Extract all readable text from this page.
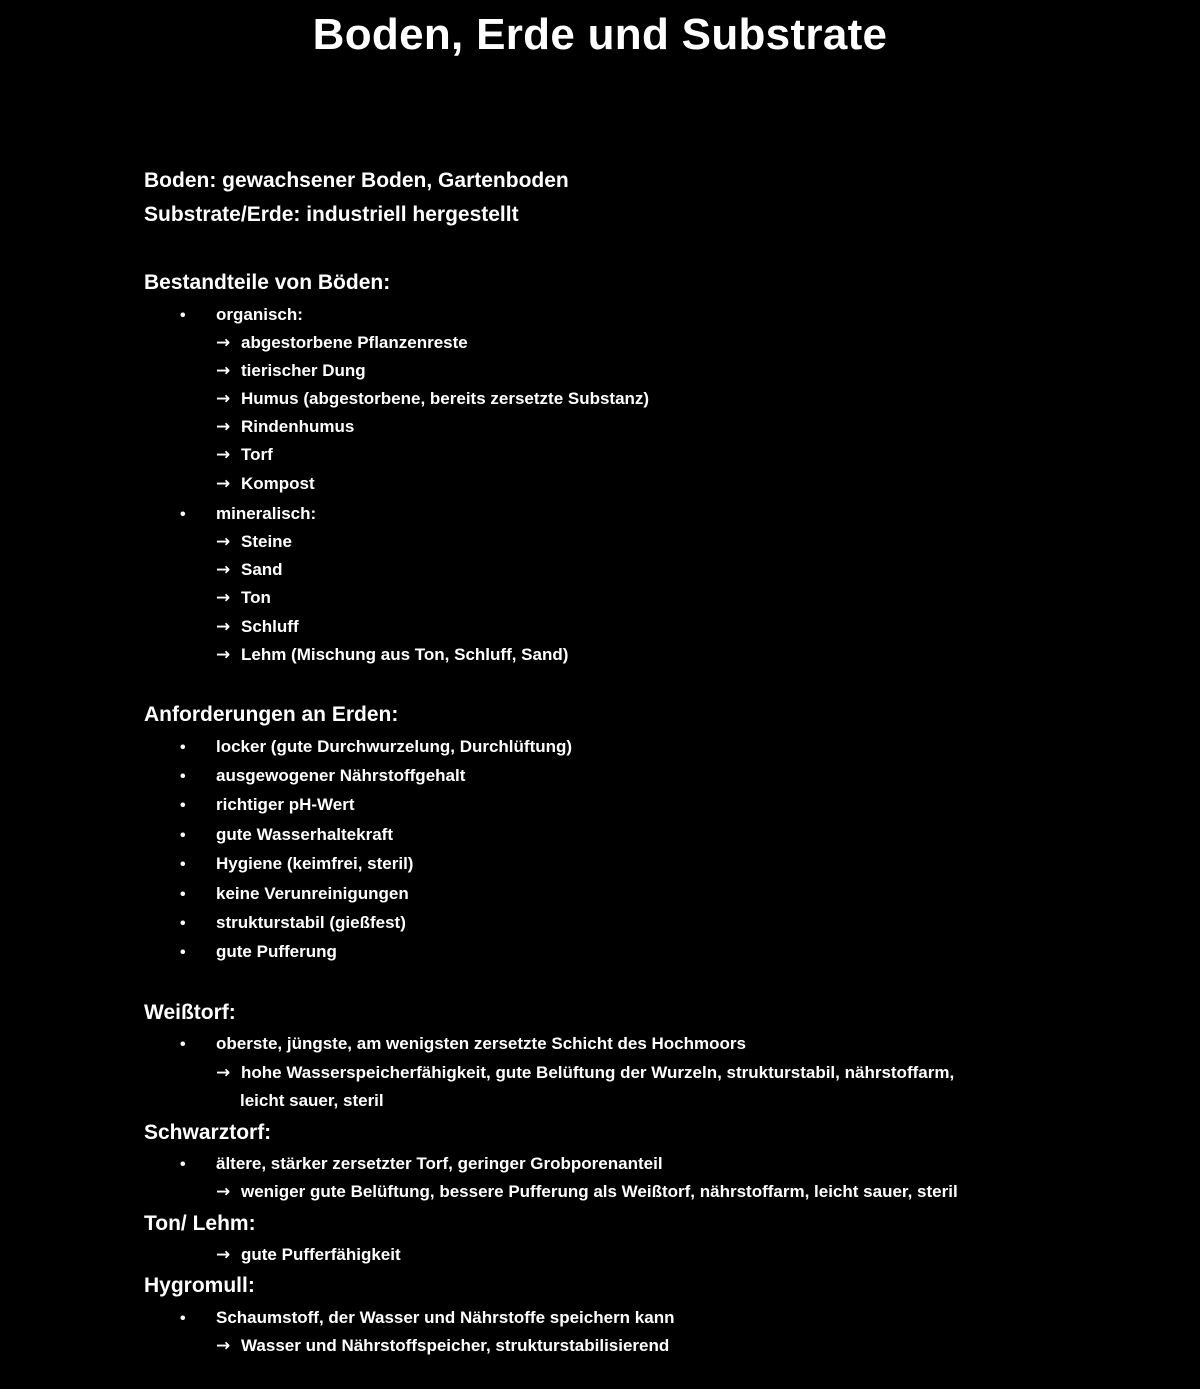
Boden, Erde und Substrate
Boden: gewachsener Boden, Gartenboden
Substrate/Erde: industriell hergestellt
Bestandteile von Böden:
• organisch:
→ abgestorbene Pflanzenreste
→ tierischer Dung
→ Humus (abgestorbene, bereits zersetzte Substanz)
→ Rindenhumus
→ Torf
→ Kompost
• mineralisch:
→ Steine
→ Sand
→ Ton
→ Schluff
→ Lehm (Mischung aus Ton, Schluff, Sand)
Anforderungen an Erden:
• locker (gute Durchwurzelung, Durchlüftung)
• ausgewogener Nährstoffgehalt
• richtiger pH-Wert
• gute Wasserhaltekraft
• Hygiene (keimfrei, steril)
• keine Verunreinigungen
• strukturstabil (gießfest)
• gute Pufferung
Weißtorf:
• oberste, jüngste, am wenigsten zersetzte Schicht des Hochmoors
→ hohe Wasserspeicherfähigkeit, gute Belüftung der Wurzeln, strukturstabil, nährstoffarm,
leicht sauer, steril
Schwarztorf:
• ältere, stärker zersetzter Torf, geringer Grobporenanteil
→ weniger gute Belüftung, bessere Pufferung als Weißtorf, nährstoffarm, leicht sauer, steril
Ton/ Lehm:
→ gute Pufferfähigkeit
Hygromull:
• Schaumstoff, der Wasser und Nährstoffe speichern kann
→ Wasser und Nährstoffspeicher, strukturstabilisierend
